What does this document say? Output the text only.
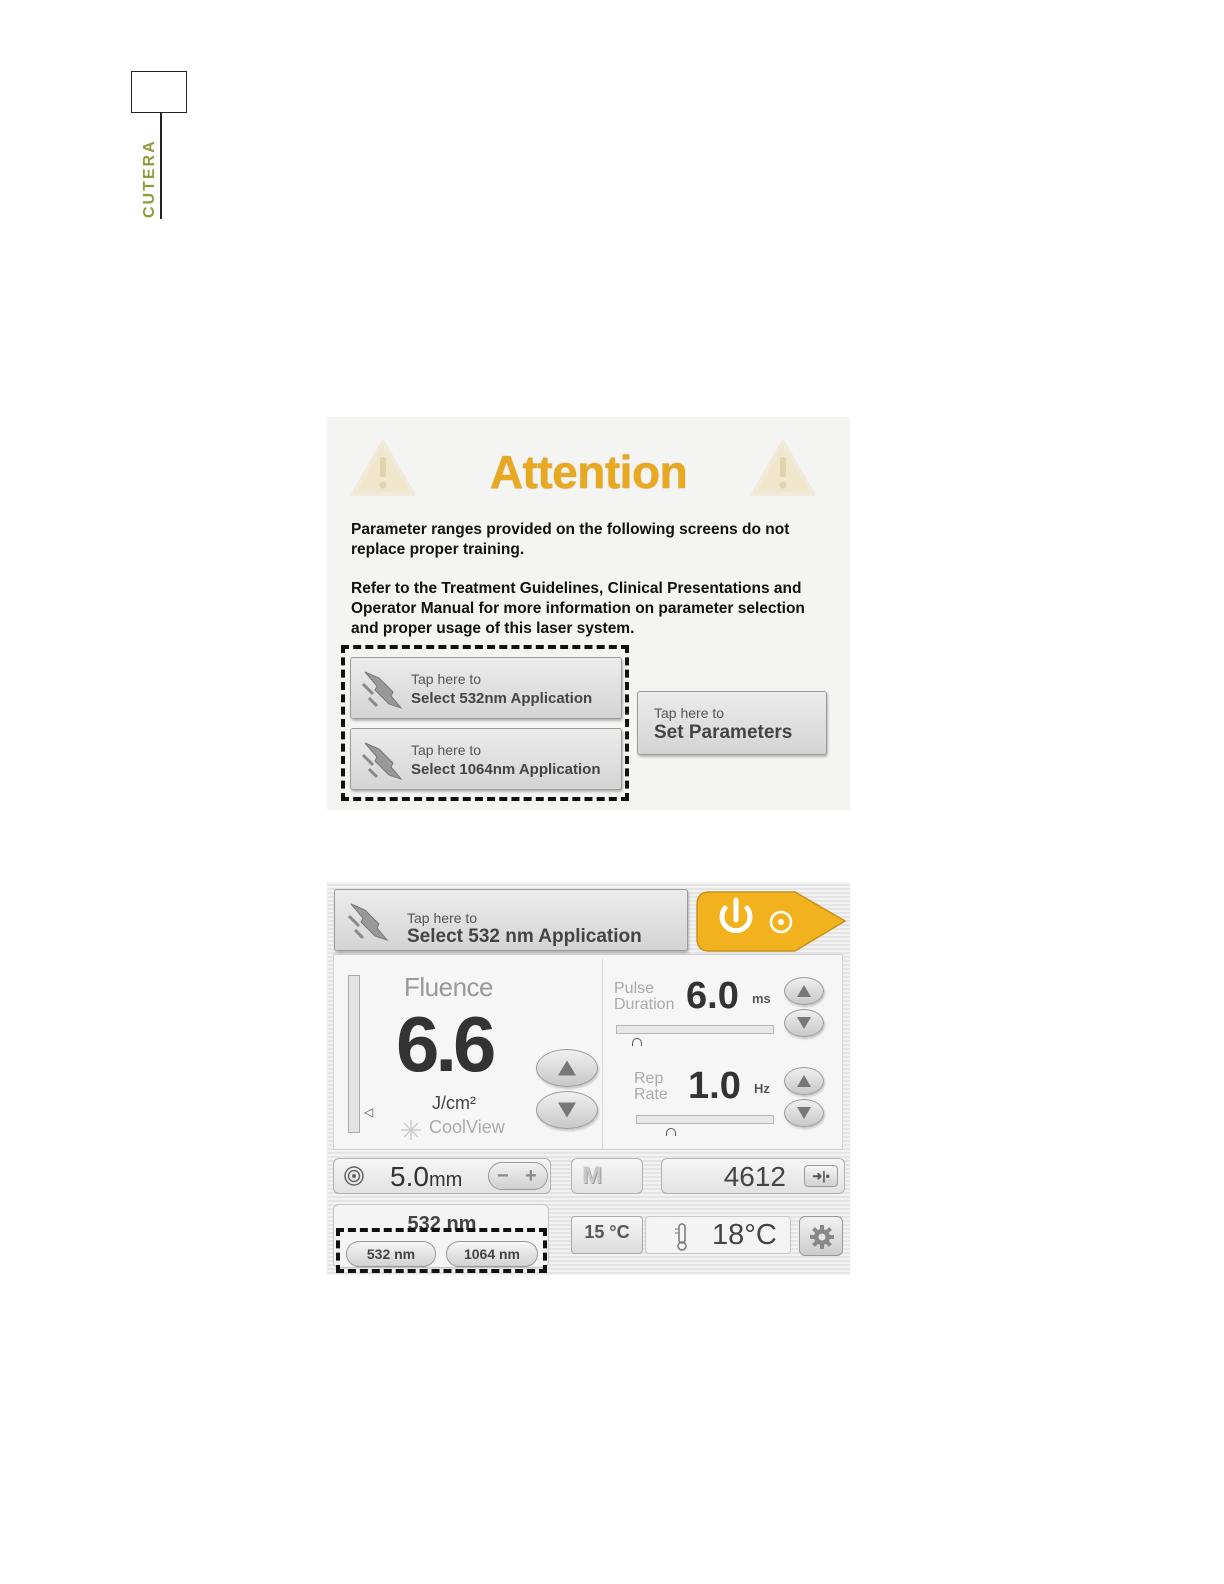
CUTERA
Attention
Parameter ranges provided on the following screens do not replace proper training.
Refer to the Treatment Guidelines, Clinical Presentations and Operator Manual for more information on parameter selection and proper usage of this laser system.
Tap here to
Select 532nm Application
Tap here to
Select 1064nm Application
Tap here to
Set Parameters
Tap here to
Select 532 nm Application
◁
Fluence
6.6
J/cm²
CoolView
Pulse
Duration 6.0 ms
Rep
Rate 1.0 Hz
5.0mm − + M	4612	➜|•
532 nm
532 nm	1064 nm
15 °C	18°C
